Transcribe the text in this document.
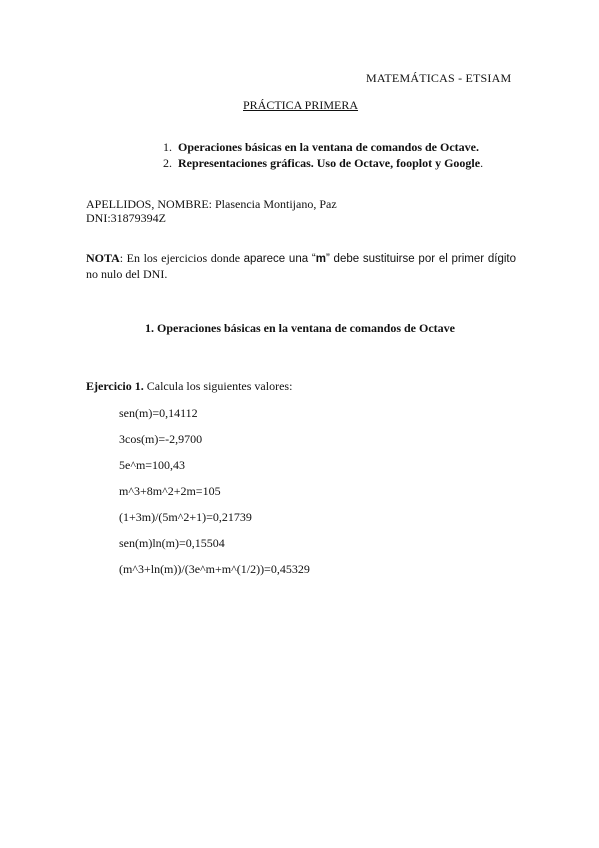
MATEMÁTICAS - ETSIAM
PRÁCTICA PRIMERA
1. Operaciones básicas en la ventana de comandos de Octave.
2. Representaciones gráficas. Uso de Octave, fooplot y Google.
APELLIDOS, NOMBRE: Plasencia Montijano, Paz
DNI:31879394Z
NOTA: En los ejercicios donde aparece una “m” debe sustituirse por el primer dígito no nulo del DNI.
1. Operaciones básicas en la ventana de comandos de Octave
Ejercicio 1. Calcula los siguientes valores:
sen(m)=0,14112
3cos(m)=-2,9700
5e^m=100,43
m^3+8m^2+2m=105
(1+3m)/(5m^2+1)=0,21739
sen(m)ln(m)=0,15504
(m^3+ln(m))/(3e^m+m^(1/2))=0,45329
